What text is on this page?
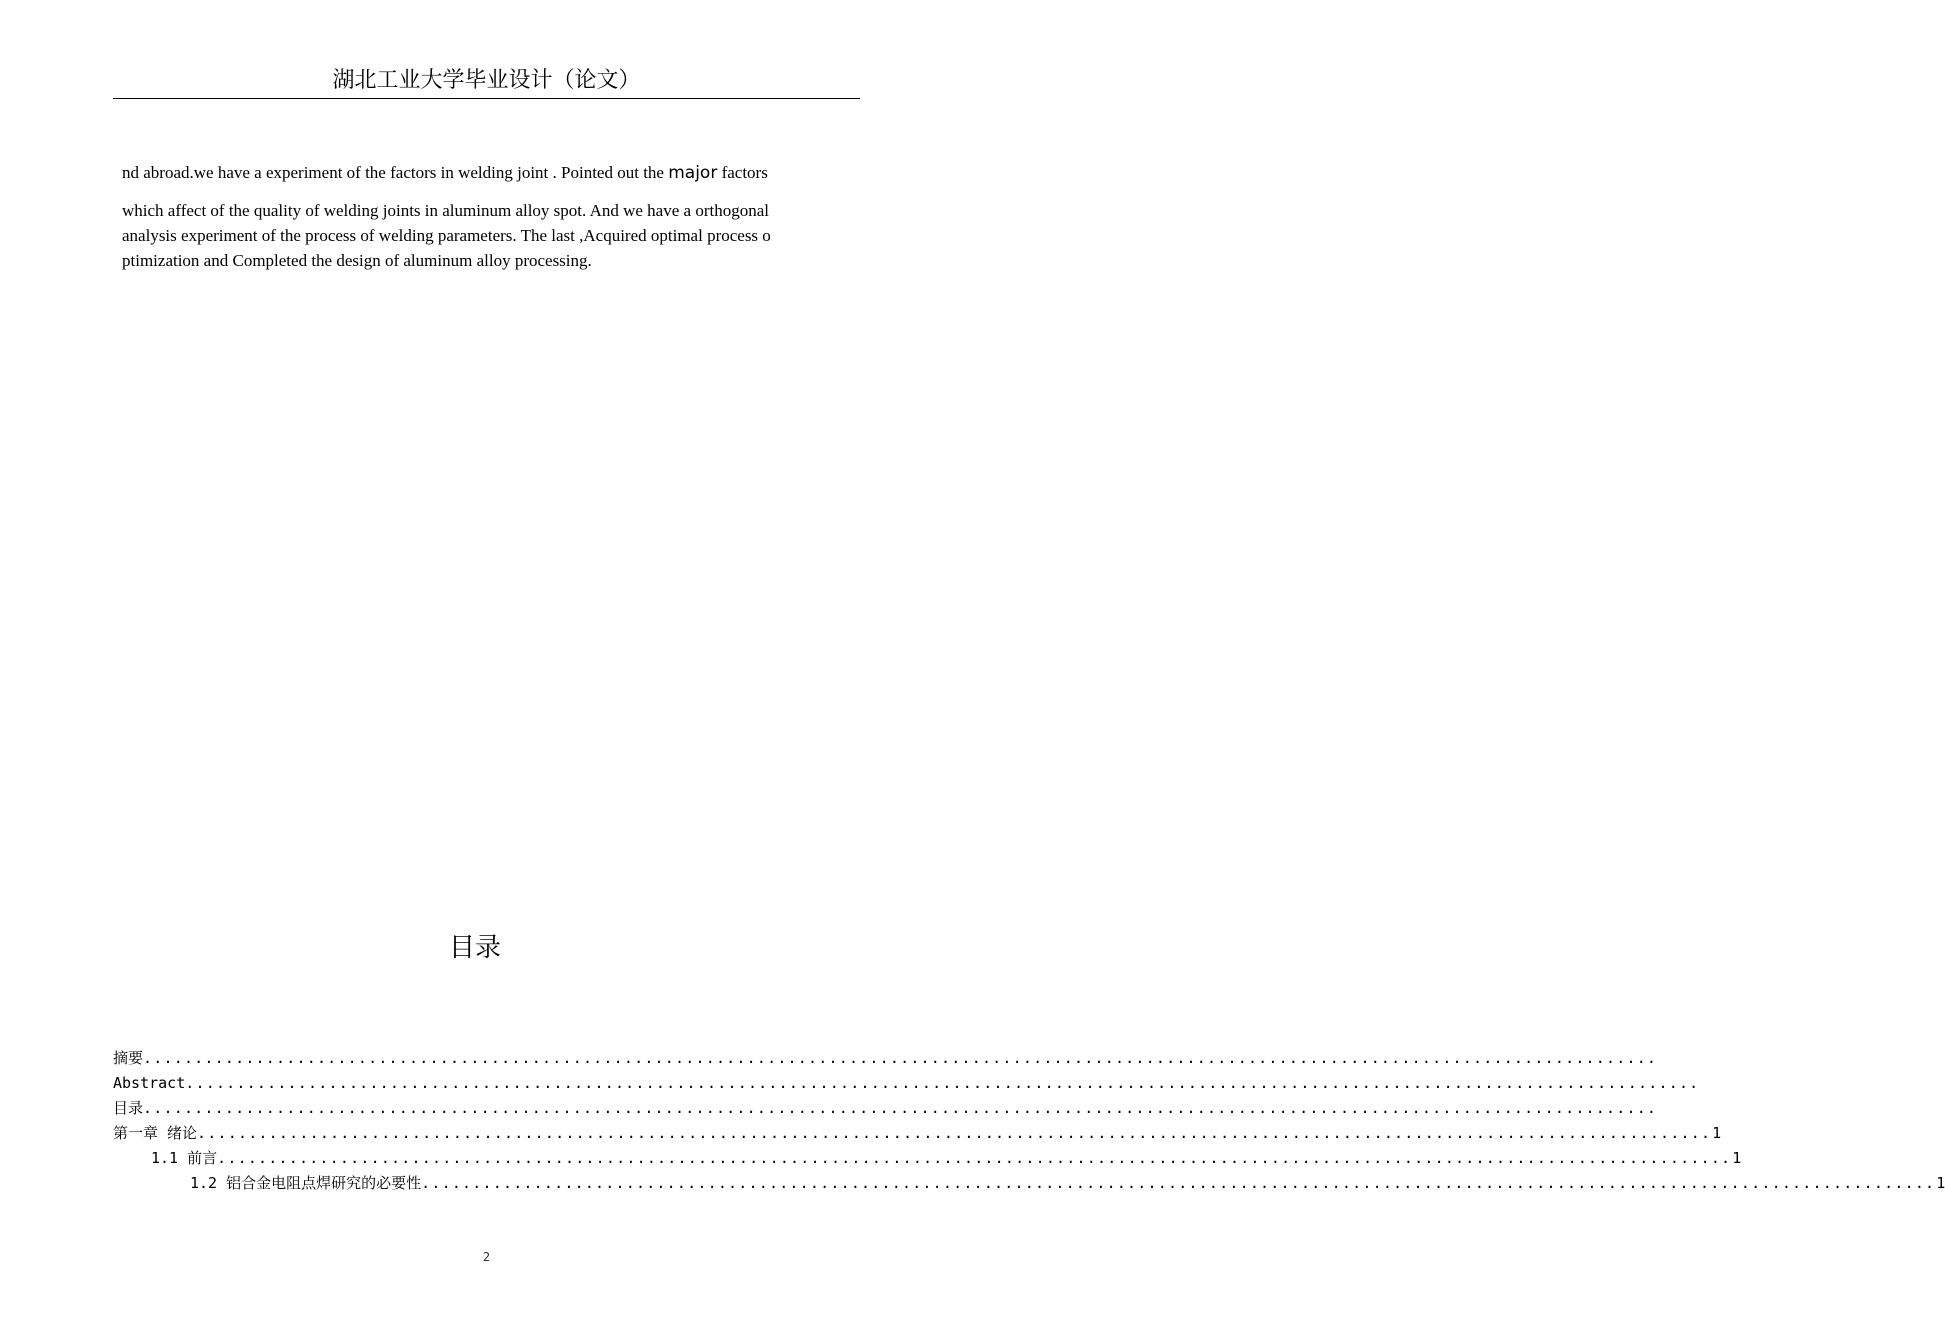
湖北工业大学毕业设计（论文）
nd abroad.we have a experiment of the factors in welding joint . Pointed out the major factors
which affect of the quality of welding joints in aluminum alloy spot. And we have a orthogonal
analysis experiment of the process of welding parameters. The last ,Acquired optimal process o
ptimization and Completed the design of aluminum alloy processing.
目录
摘要 ....................................................................................................................................................
Abstract ....................................................................................................................................................
目录 ....................................................................................................................................................
第一章 绪论 .................................................................................................................................................... 1
1.1 前言 .................................................................................................................................................... 1
1.2 铝合金电阻点焊研究的必要性 .................................................................................................................................................... 1
2
